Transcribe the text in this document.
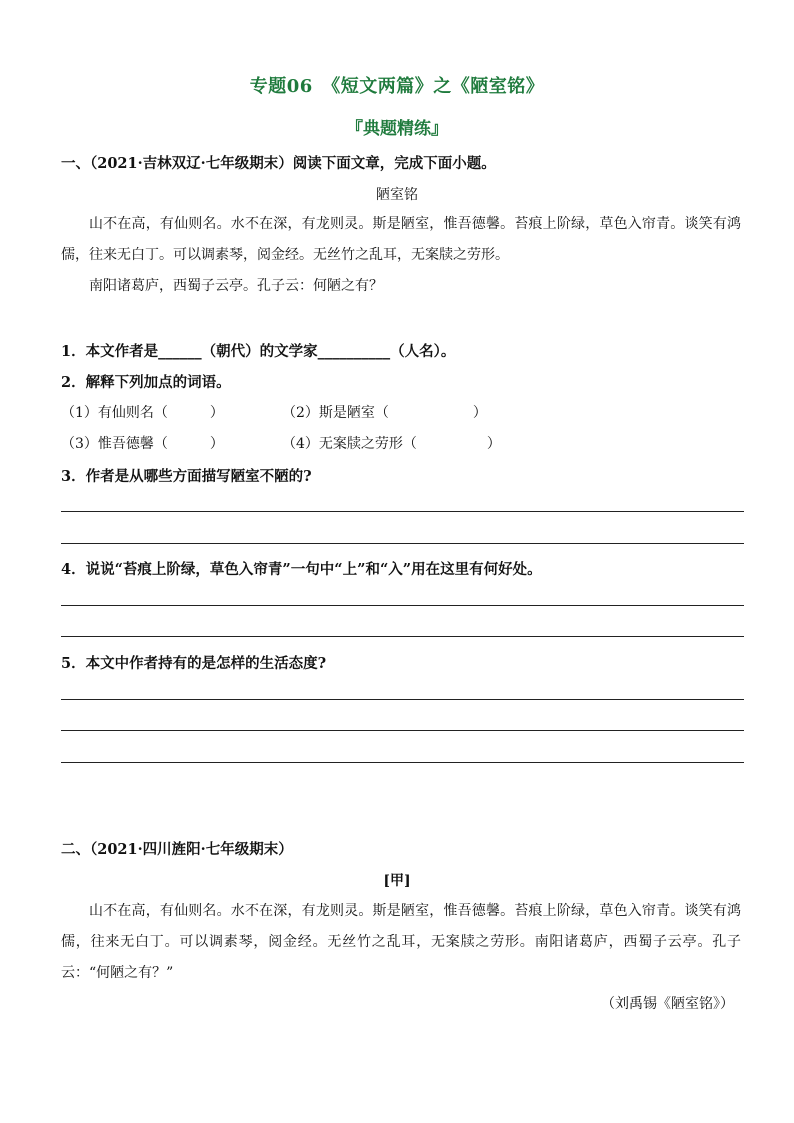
专题06　《短文两篇》之《陋室铭》
『典题精练』
一、（2021·吉林双辽·七年级期末）阅读下面文章，完成下面小题。
陋室铭
山不在高，有仙则名。水不在深，有龙则灵。斯是陋室，惟吾德馨。苔痕上阶绿，草色入帘青。谈笑有鸿儒，往来无白丁。可以调素琴，阅金经。无丝竹之乱耳，无案牍之劳形。
南阳诸葛庐，西蜀子云亭。孔子云：何陋之有？
1．本文作者是______（朝代）的文学家__________（人名）。
2．解释下列加点的词语。
（1）有仙则名（　　　）	（2）斯是陋室（　　　　　　）
（3）惟吾德馨（　　　）	（4）无案牍之劳形（　　　　　）
3．作者是从哪些方面描写陋室不陋的?
4．说说“苔痕上阶绿，草色入帘青”一句中“上”和“入”用在这里有何好处。
5．本文中作者持有的是怎样的生活态度?
二、（2021·四川旌阳·七年级期末）
[甲]
山不在高，有仙则名。水不在深，有龙则灵。斯是陋室，惟吾德馨。苔痕上阶绿，草色入帘青。谈笑有鸿儒，往来无白丁。可以调素琴，阅金经。无丝竹之乱耳，无案牍之劳形。南阳诸葛庐，西蜀子云亭。孔子云：“何陋之有？”
（刘禹锡《陋室铭》）
